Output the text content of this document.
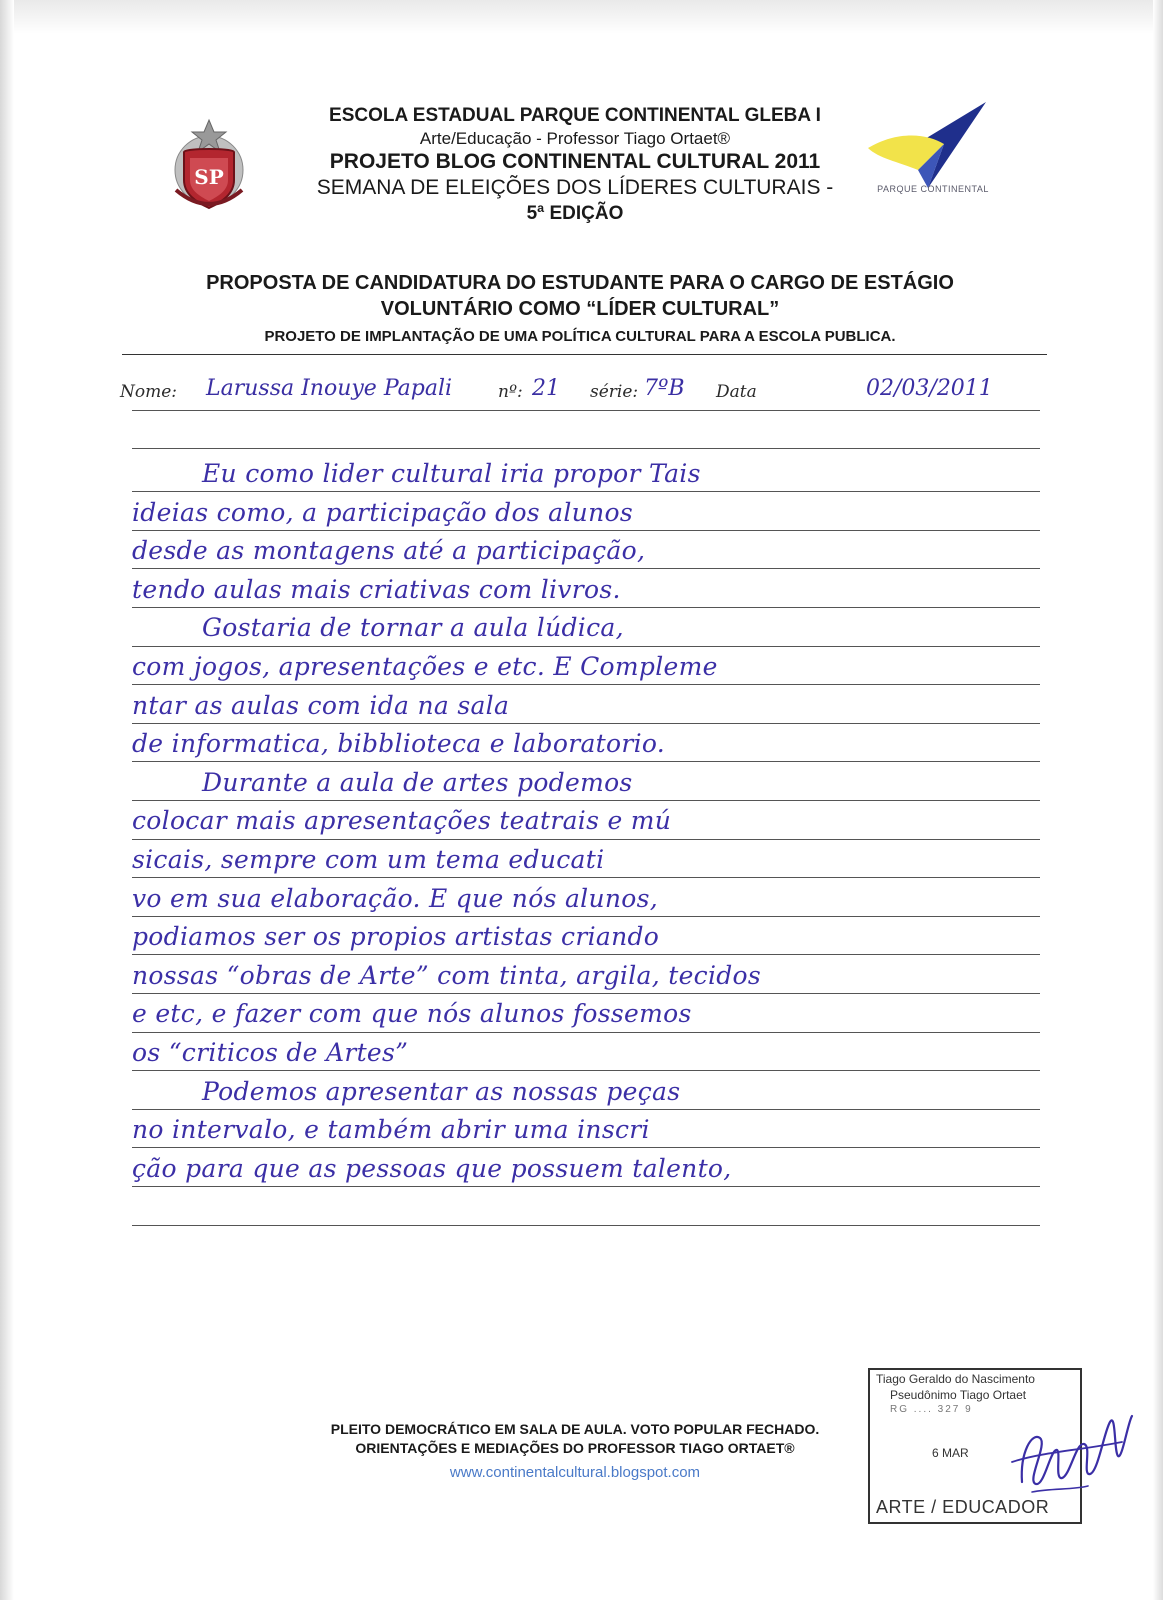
SP	PARQUE CONTINENTAL
ESCOLA ESTADUAL PARQUE CONTINENTAL GLEBA I
Arte/Educação - Professor Tiago Ortaet®
PROJETO BLOG CONTINENTAL CULTURAL 2011
SEMANA DE ELEIÇÕES DOS LÍDERES CULTURAIS -
5ª EDIÇÃO
PROPOSTA DE CANDIDATURA DO ESTUDANTE PARA O CARGO DE ESTÁGIO
VOLUNTÁRIO COMO “LÍDER CULTURAL”
PROJETO DE IMPLANTAÇÃO DE UMA POLÍTICA CULTURAL PARA A ESCOLA PUBLICA.
Nome: Larussa Inouye Papali	nº: 21 série: 7ºB Data	02/03/2011
Eu como lider cultural iria propor Tais
ideias como, a participação dos alunos
desde as montagens até a participação,
tendo aulas mais criativas com livros.
Gostaria de tornar a aula lúdica,
com jogos, apresentações e etc. E Compleme
ntar as aulas com ida na sala
de informatica, bibblioteca e laboratorio.
Durante a aula de artes podemos
colocar mais apresentações teatrais e mú
sicais, sempre com um tema educati
vo em sua elaboração. E que nós alunos,
podiamos ser os propios artistas criando
nossas “obras de Arte” com tinta, argila, tecidos
e etc, e fazer com que nós alunos fossemos
os “criticos de Artes”
Podemos apresentar as nossas peças
no intervalo, e também abrir uma inscri
ção para que as pessoas que possuem talento,
PLEITO DEMOCRÁTICO EM SALA DE AULA. VOTO POPULAR FECHADO.
ORIENTAÇÕES E MEDIAÇÕES DO PROFESSOR TIAGO ORTAET®
www.continentalcultural.blogspot.com
Tiago Geraldo do Nascimento
Pseudônimo Tiago Ortaet
RG .... 327 9
6 MAR
ARTE / EDUCADOR
